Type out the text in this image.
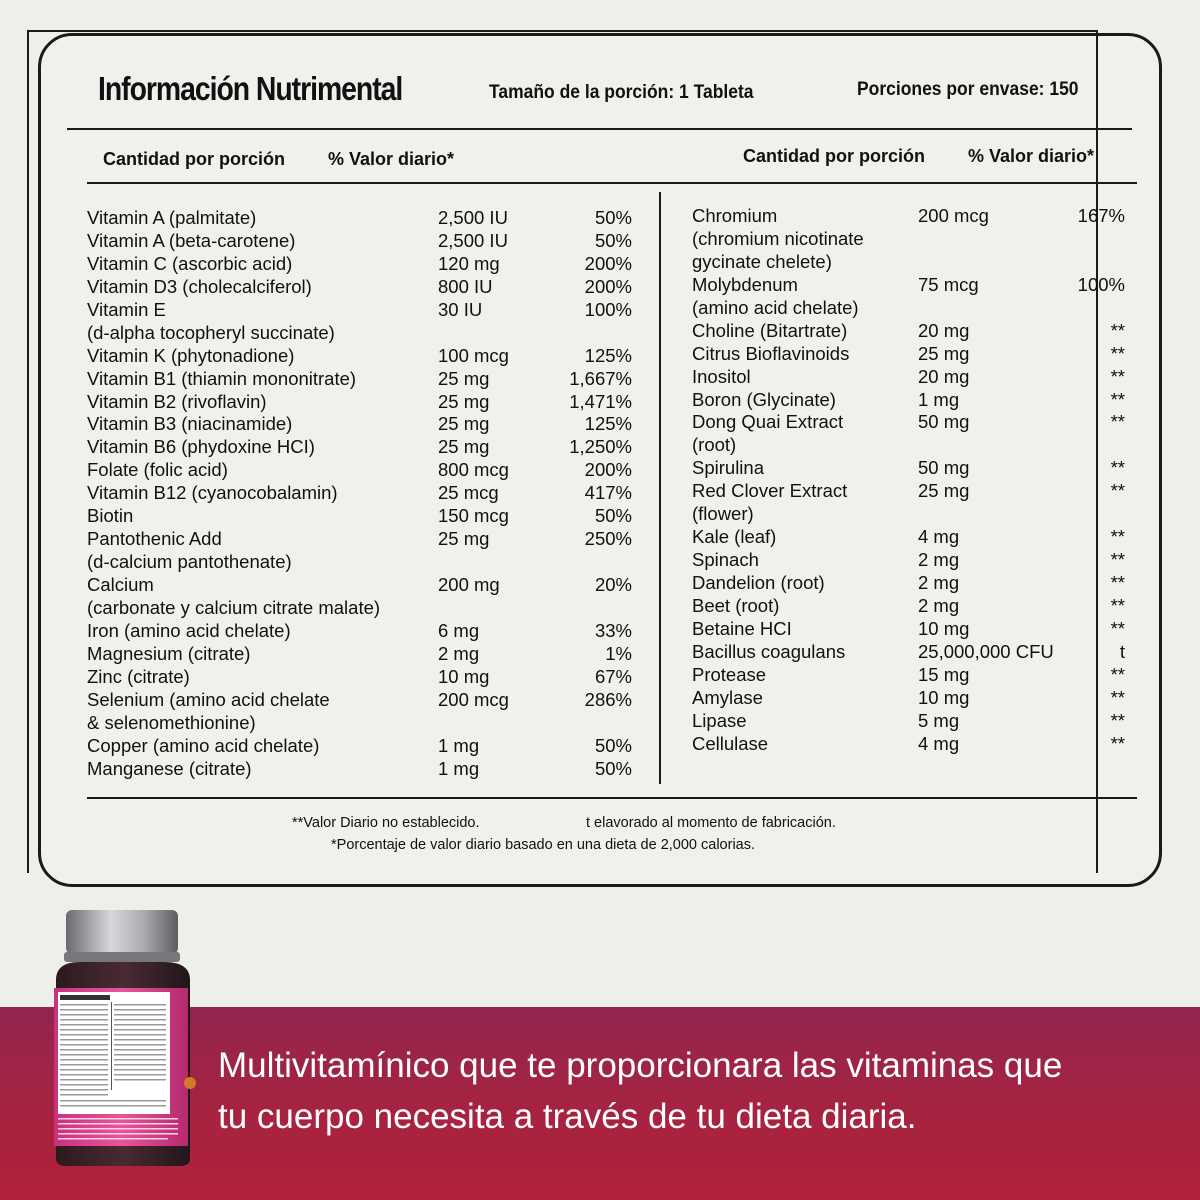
Información Nutrimental	Tamaño de la porción: 1 Tableta	Porciones por envase: 150
Cantidad por porción % Valor diario*	Cantidad por porción % Valor diario*
Vitamin A (palmitate)	2,500 IU	50%
Vitamin A (beta-carotene)	2,500 IU	50%
Vitamin C (ascorbic acid)	120 mg	200%
Vitamin D3 (cholecalciferol)	800 IU	200%
Vitamin E	30 IU	100%
(d-alpha tocopheryl succinate)
Vitamin K (phytonadione)	100 mcg	125%
Vitamin B1 (thiamin mononitrate)	25 mg	1,667%
Vitamin B2 (rivoflavin)	25 mg	1,471%
Vitamin B3 (niacinamide)	25 mg	125%
Vitamin B6 (phydoxine HCI)	25 mg	1,250%
Folate (folic acid)	800 mcg	200%
Vitamin B12 (cyanocobalamin)	25 mcg	417%
Biotin	150 mcg	50%
Pantothenic Add	25 mg	250%
(d-calcium pantothenate)
Calcium	200 mg	20%
(carbonate y calcium citrate malate)
Iron (amino acid chelate)	6 mg	33%
Magnesium (citrate)	2 mg	1%
Zinc (citrate)	10 mg	67%
Selenium (amino acid chelate	200 mcg	286%
& selenomethionine)
Copper (amino acid chelate)	1 mg	50%
Manganese (citrate)	1 mg	50%
Chromium	200 mcg	167%
(chromium nicotinate
gycinate chelete)
Molybdenum	75 mcg	100%
(amino acid chelate)
Choline (Bitartrate)	20 mg	**
Citrus Bioflavinoids	25 mg	**
Inositol	20 mg	**
Boron (Glycinate)	1 mg	**
Dong Quai Extract	50 mg	**
(root)
Spirulina	50 mg	**
Red Clover Extract	25 mg	**
(flower)
Kale (leaf)	4 mg	**
Spinach	2 mg	**
Dandelion (root)	2 mg	**
Beet (root)	2 mg	**
Betaine HCI	10 mg	**
Bacillus coagulans	25,000,000 CFU	t
Protease	15 mg	**
Amylase	10 mg	**
Lipase	5 mg	**
Cellulase	4 mg	**
**Valor Diario no establecido.	t elavorado al momento de fabricación.
*Porcentaje de valor diario basado en una dieta de 2,000 calorias.
Multivitamínico que te proporcionara las vitaminas que
tu cuerpo necesita a través de tu dieta diaria.
